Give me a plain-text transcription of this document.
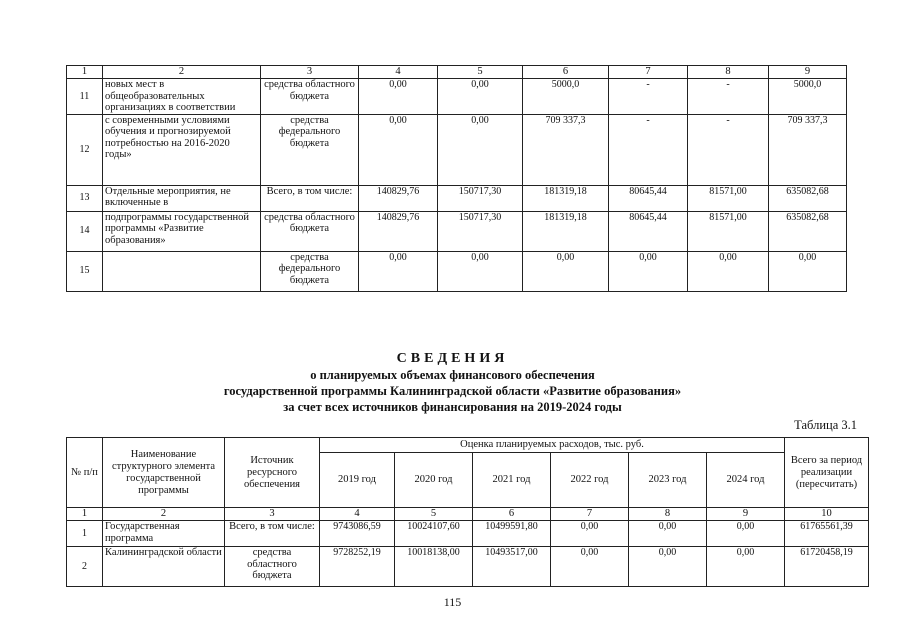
1	2	3	4	5	6	7	8	9
11	новых мест в общеобразовательных организациях в соответствии	средства областного бюджета	0,00	0,00	5000,0	-	-	5000,0
12	с современными условиями обучения и прогнозируемой потребностью на 2016-2020 годы»	средства федерального бюджета	0,00	0,00	709 337,3	-	-	709 337,3
13	Отдельные мероприятия, не включенные в	Всего, в том числе:	140829,76	150717,30	181319,18	80645,44	81571,00	635082,68
14	подпрограммы государственной программы «Развитие образования»	средства областного бюджета	140829,76	150717,30	181319,18	80645,44	81571,00	635082,68
15		средства федерального бюджета	0,00	0,00	0,00	0,00	0,00	0,00
СВЕДЕНИЯ
о планируемых объемах финансового обеспечения
государственной программы Калининградской области «Развитие образования»
за счет всех источников финансирования на 2019-2024 годы
Таблица 3.1
№ п/п	Наименование структурного элемента государственной программы	Источник ресурсного обеспечения	Оценка планируемых расходов, тыс. руб.						Всего за период реализации (пересчитать)
			2019 год	2020 год	2021 год	2022 год	2023 год	2024 год	
1	2	3	4	5	6	7	8	9	10
1	Государственная программа	Всего, в том числе:	9743086,59	10024107,60	10499591,80	0,00	0,00	0,00	61765561,39
2	Калининградской области	средства областного бюджета	9728252,19	10018138,00	10493517,00	0,00	0,00	0,00	61720458,19
115
